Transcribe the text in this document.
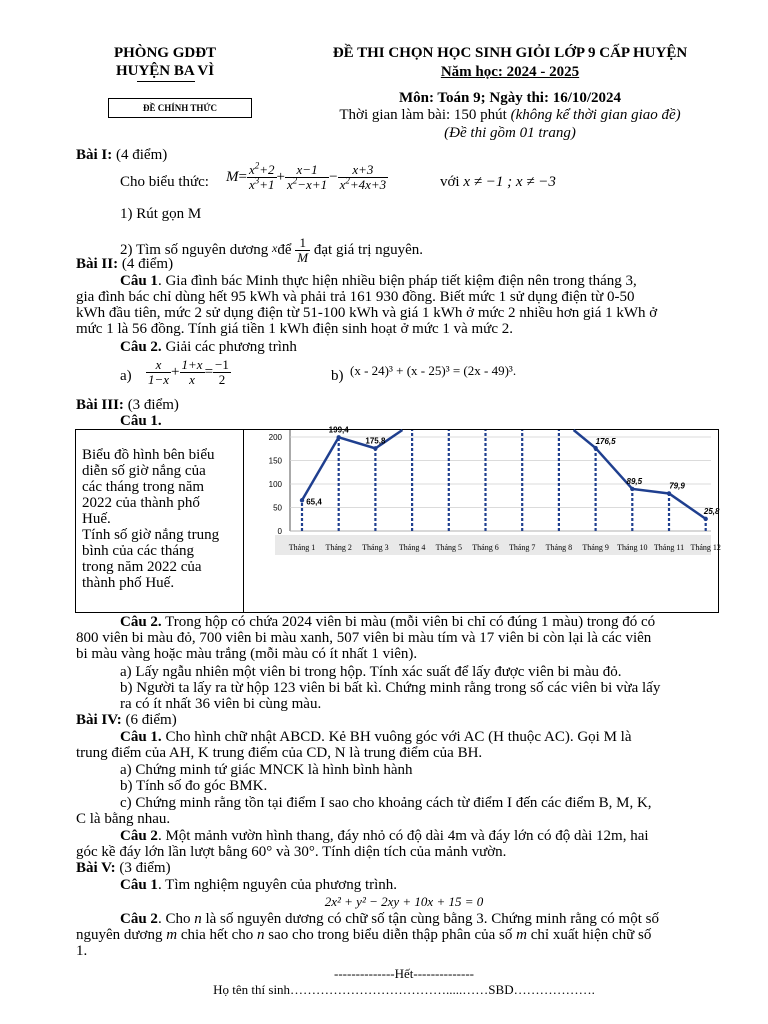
PHÒNG GDĐT
HUYỆN BA VÌ
ĐỀ CHÍNH THỨC
ĐỀ THI CHỌN HỌC SINH GIỎI LỚP 9 CẤP HUYỆN
Năm học: 2024 - 2025
Môn: Toán 9; Ngày thi: 16/10/2024
Thời gian làm bài: 150 phút (không kể thời gian giao đề)
(Đề thi gồm 01 trang)
Bài I: (4 điểm)
Cho biểu thức: $M= \frac{x^2+2}{x^3+1} + \frac{x-1}{x^2-x+1} - \frac{x+3}{x^2+4x+3}$	với x ≠ −1 ; x ≠ −3
1) Rút gọn M
2) Tìm số nguyên dương xđể $\frac{1}{M}$ đạt giá trị nguyên.
Bài II: (4 điểm)
Câu 1. Gia đình bác Minh thực hiện nhiều biện pháp tiết kiệm điện nên trong tháng 3,
gia đình bác chỉ dùng hết 95 kWh và phải trả 161 930 đồng. Biết mức 1 sử dụng điện từ 0-50
kWh đầu tiên, mức 2 sử dụng điện từ 51-100 kWh và giá 1 kWh ở mức 2 nhiều hơn giá 1 kWh ở
mức 1 là 56 đồng. Tính giá tiền 1 kWh điện sinh hoạt ở mức 1 và mức 2.
Câu 2. Giải các phương trình
$a) \frac{x}{1-x} + \frac{1+x}{x} = \frac{-1}{2}$	b) (x - 24)³ + (x - 25)³ = (2x - 49)³.
Bài III: (3 điểm)
Câu 1.
Biểu đồ hình bên biểu
diễn số giờ nắng của
các tháng trong năm
2022 của thành phố
Huế.
Tính số giờ nắng trung
bình của các tháng
trong năm 2022 của
thành phố Huế.
0
50
100
150
200
65,4
199,4
175,8	176,5
89,5
79,9
25,8
Tháng 1 Tháng 2 Tháng 3 Tháng 4 Tháng 5 Tháng 6 Tháng 7 Tháng 8 Tháng 9 Tháng 10 Tháng 11 Tháng 12
Câu 2. Trong hộp có chứa 2024 viên bi màu (mỗi viên bi chỉ có đúng 1 màu) trong đó có
800 viên bi màu đỏ, 700 viên bi màu xanh, 507 viên bi màu tím và 17 viên bi còn lại là các viên
bi màu vàng hoặc màu trắng (mỗi màu có ít nhất 1 viên).
a) Lấy ngẫu nhiên một viên bi trong hộp. Tính xác suất để lấy được viên bi màu đỏ.
b) Người ta lấy ra từ hộp 123 viên bi bất kì. Chứng minh rằng trong số các viên bi vừa lấy
ra có ít nhất 36 viên bi cùng màu.
Bài IV: (6 điểm)
Câu 1. Cho hình chữ nhật ABCD. Kẻ BH vuông góc với AC (H thuộc AC). Gọi M là
trung điểm của AH, K trung điểm của CD, N là trung điểm của BH.
a) Chứng minh tứ giác MNCK là hình bình hành
b) Tính số đo góc BMK.
c) Chứng minh rằng tồn tại điểm I sao cho khoảng cách từ điểm I đến các điểm B, M, K,
C là bằng nhau.
Câu 2. Một mảnh vườn hình thang, đáy nhỏ có độ dài 4m và đáy lớn có độ dài 12m, hai
góc kề đáy lớn lần lượt bằng 60° và 30°. Tính diện tích của mảnh vườn.
Bài V: (3 điểm)
Câu 1. Tìm nghiệm nguyên của phương trình.
2x² + y² − 2xy + 10x + 15 = 0
Câu 2. Cho n là số nguyên dương có chữ số tận cùng bằng 3. Chứng minh rằng có một số
nguyên dương m chia hết cho n sao cho trong biểu diễn thập phân của số m chỉ xuất hiện chữ số
1.
--------------Hết--------------
Họ tên thí sinh……………………………….....……SBD……………….
